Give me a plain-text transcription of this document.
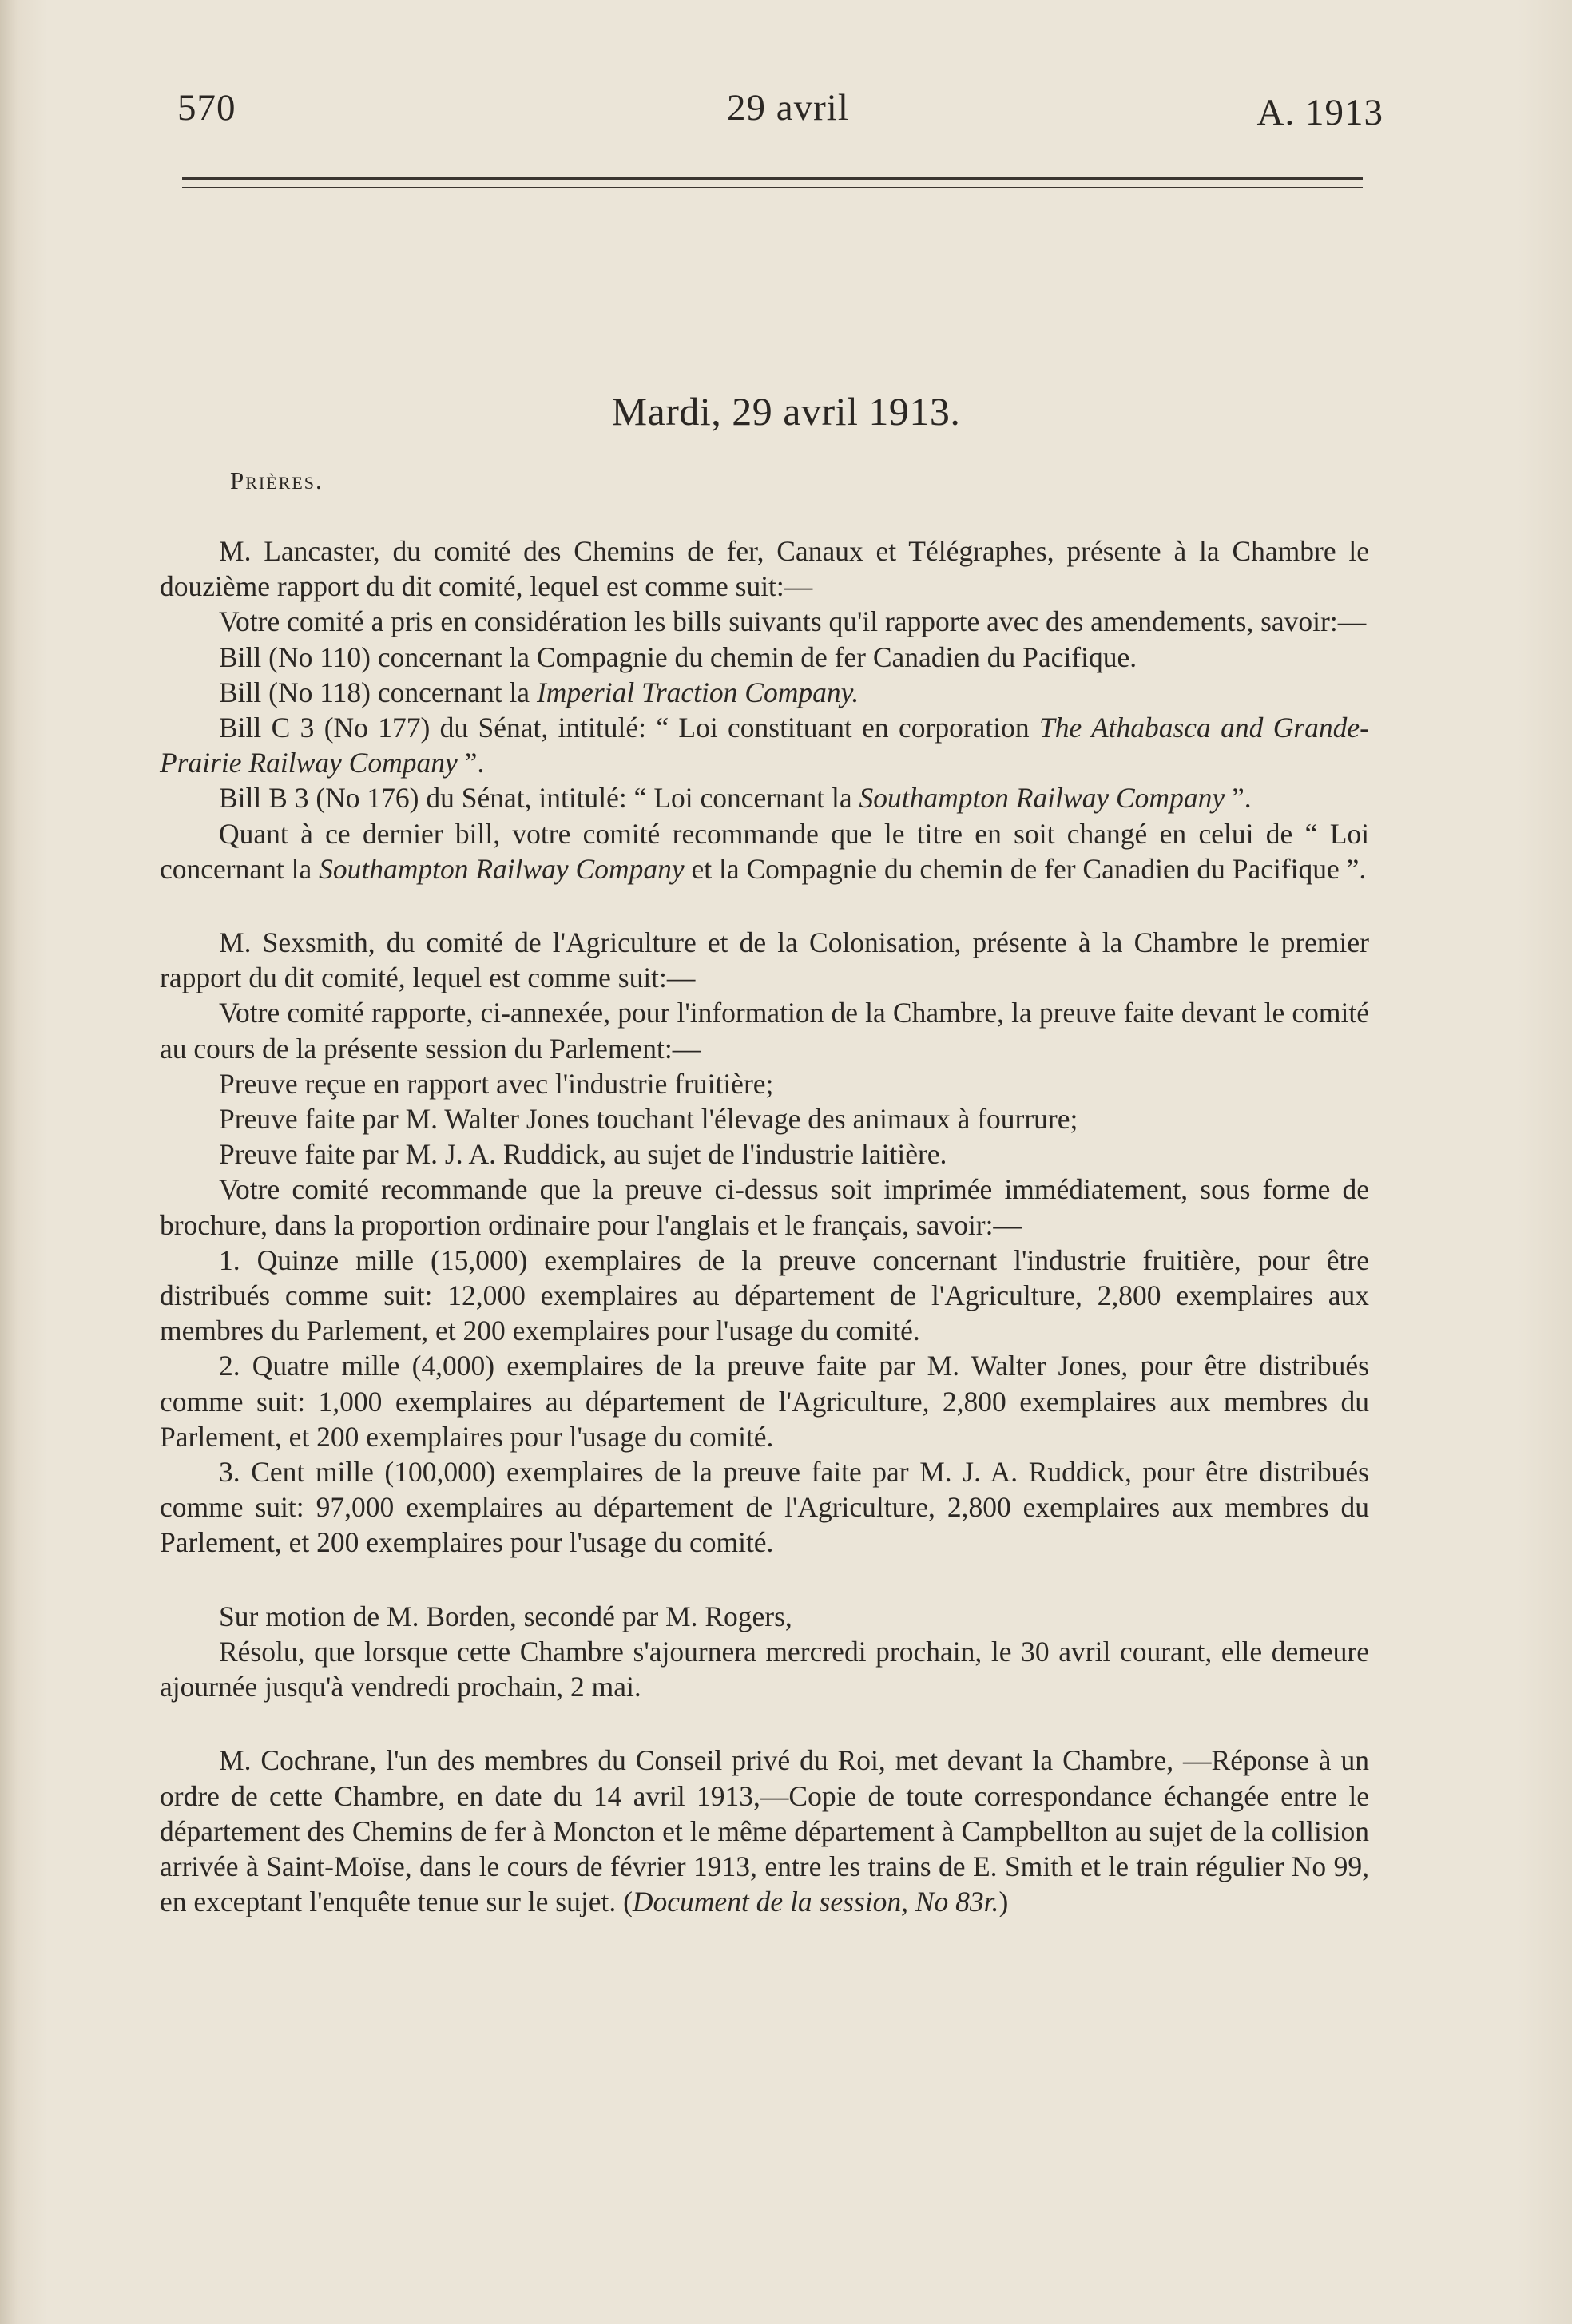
570	29 avril	A. 1913
Mardi, 29 avril 1913.
Prières.

M. Lancaster, du comité des Chemins de fer, Canaux et Télégraphes, présente à la Chambre le douzième rapport du dit comité, lequel est comme suit:—

Votre comité a pris en considération les bills suivants qu'il rapporte avec des amendements, savoir:—

Bill (No 110) concernant la Compagnie du chemin de fer Canadien du Pacifique.

Bill (No 118) concernant la Imperial Traction Company.

Bill C 3 (No 177) du Sénat, intitulé: “ Loi constituant en corporation The Athabasca and Grande-Prairie Railway Company ”.

Bill B 3 (No 176) du Sénat, intitulé: “ Loi concernant la Southampton Railway Company ”.

Quant à ce dernier bill, votre comité recommande que le titre en soit changé en celui de “ Loi concernant la Southampton Railway Company et la Compagnie du chemin de fer Canadien du Pacifique ”.

M. Sexsmith, du comité de l'Agriculture et de la Colonisation, présente à la Chambre le premier rapport du dit comité, lequel est comme suit:—

Votre comité rapporte, ci-annexée, pour l'information de la Chambre, la preuve faite devant le comité au cours de la présente session du Parlement:—

Preuve reçue en rapport avec l'industrie fruitière;

Preuve faite par M. Walter Jones touchant l'élevage des animaux à fourrure;

Preuve faite par M. J. A. Ruddick, au sujet de l'industrie laitière.

Votre comité recommande que la preuve ci-dessus soit imprimée immédiatement, sous forme de brochure, dans la proportion ordinaire pour l'anglais et le français, savoir:—

1. Quinze mille (15,000) exemplaires de la preuve concernant l'industrie fruitière, pour être distribués comme suit: 12,000 exemplaires au département de l'Agriculture, 2,800 exemplaires aux membres du Parlement, et 200 exemplaires pour l'usage du comité.

2. Quatre mille (4,000) exemplaires de la preuve faite par M. Walter Jones, pour être distribués comme suit: 1,000 exemplaires au département de l'Agriculture, 2,800 exemplaires aux membres du Parlement, et 200 exemplaires pour l'usage du comité.

3. Cent mille (100,000) exemplaires de la preuve faite par M. J. A. Ruddick, pour être distribués comme suit: 97,000 exemplaires au département de l'Agriculture, 2,800 exemplaires aux membres du Parlement, et 200 exemplaires pour l'usage du comité.

Sur motion de M. Borden, secondé par M. Rogers,

Résolu, que lorsque cette Chambre s'ajournera mercredi prochain, le 30 avril courant, elle demeure ajournée jusqu'à vendredi prochain, 2 mai.

M. Cochrane, l'un des membres du Conseil privé du Roi, met devant la Chambre, —Réponse à un ordre de cette Chambre, en date du 14 avril 1913,—Copie de toute correspondance échangée entre le département des Chemins de fer à Moncton et le même département à Campbellton au sujet de la collision arrivée à Saint-Moïse, dans le cours de février 1913, entre les trains de E. Smith et le train régulier No 99, en exceptant l'enquête tenue sur le sujet. (Document de la session, No 83r.)
